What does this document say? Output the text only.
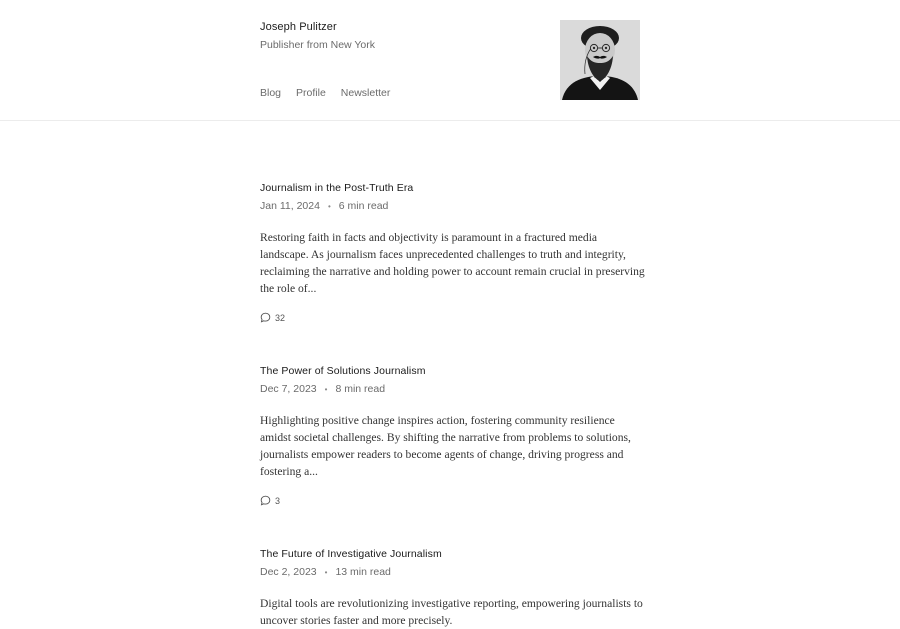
Joseph Pulitzer
Publisher from New York
Blog Profile Newsletter
Journalism in the Post-Truth Era
Jan 11, 2024 • 6 min read

Restoring faith in facts and objectivity is paramount in a fractured media landscape. As journalism faces unprecedented challenges to truth and integrity, reclaiming the narrative and holding power to account remain crucial in preserving the role of...

32
The Power of Solutions Journalism
Dec 7, 2023 • 8 min read

Highlighting positive change inspires action, fostering community resilience amidst societal challenges. By shifting the narrative from problems to solutions, journalists empower readers to become agents of change, driving progress and fostering a...

3
The Future of Investigative Journalism
Dec 2, 2023 • 13 min read

Digital tools are revolutionizing investigative reporting, empowering journalists to uncover stories faster and more precisely.
